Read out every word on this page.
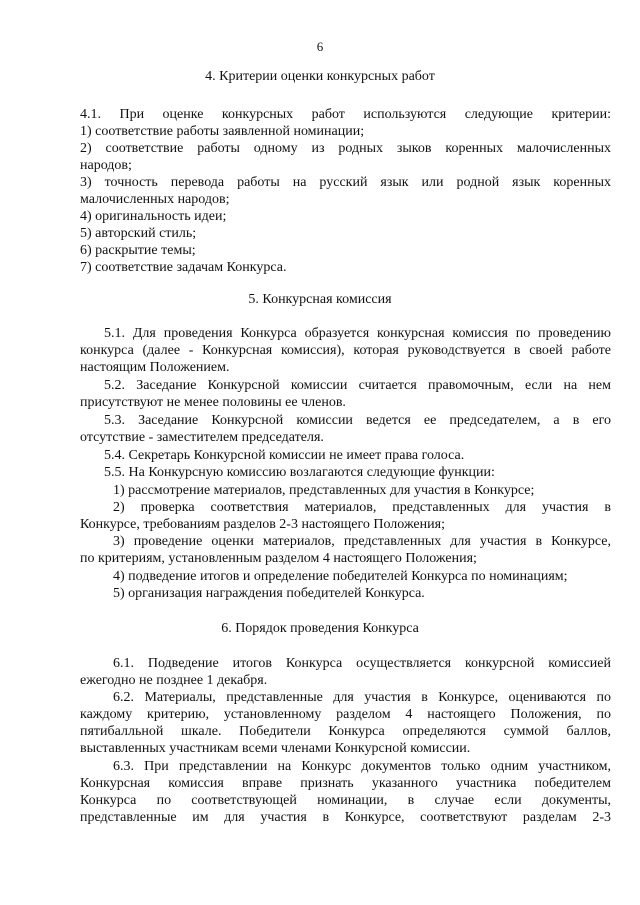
6
4. Критерии оценки конкурсных работ
4.1. При оценке конкурсных работ используются следующие критерии:
1) соответствие работы заявленной номинации;
2) соответствие работы одному из родных зыков коренных малочисленных
народов;
3) точность перевода работы на русский язык или родной язык коренных
малочисленных народов;
4) оригинальность идеи;
5) авторский стиль;
6) раскрытие темы;
7) соответствие задачам Конкурса.
5. Конкурсная комиссия
5.1. Для проведения Конкурса образуется конкурсная комиссия по проведению
конкурса (далее - Конкурсная комиссия), которая руководствуется в своей работе
настоящим Положением.
5.2. Заседание Конкурсной комиссии считается правомочным, если на нем
присутствуют не менее половины ее членов.
5.3. Заседание Конкурсной комиссии ведется ее председателем, а в его
отсутствие - заместителем председателя.
5.4. Секретарь Конкурсной комиссии не имеет права голоса.
5.5. На Конкурсную комиссию возлагаются следующие функции:
1) рассмотрение материалов, представленных для участия в Конкурсе;
2) проверка соответствия материалов, представленных для участия в
Конкурсе, требованиям разделов 2-3 настоящего Положения;
3) проведение оценки материалов, представленных для участия в Конкурсе,
по критериям, установленным разделом 4 настоящего Положения;
4) подведение итогов и определение победителей Конкурса по номинациям;
5) организация награждения победителей Конкурса.
6. Порядок проведения Конкурса
6.1. Подведение итогов Конкурса осуществляется конкурсной комиссией
ежегодно не позднее 1 декабря.
6.2. Материалы, представленные для участия в Конкурсе, оцениваются по
каждому критерию, установленному разделом 4 настоящего Положения, по
пятибалльной шкале. Победители Конкурса определяются суммой баллов,
выставленных участникам всеми членами Конкурсной комиссии.
6.3. При представлении на Конкурс документов только одним участником,
Конкурсная комиссия вправе признать указанного участника победителем
Конкурса по соответствующей номинации, в случае если документы,
представленные им для участия в Конкурсе, соответствуют разделам 2-3
